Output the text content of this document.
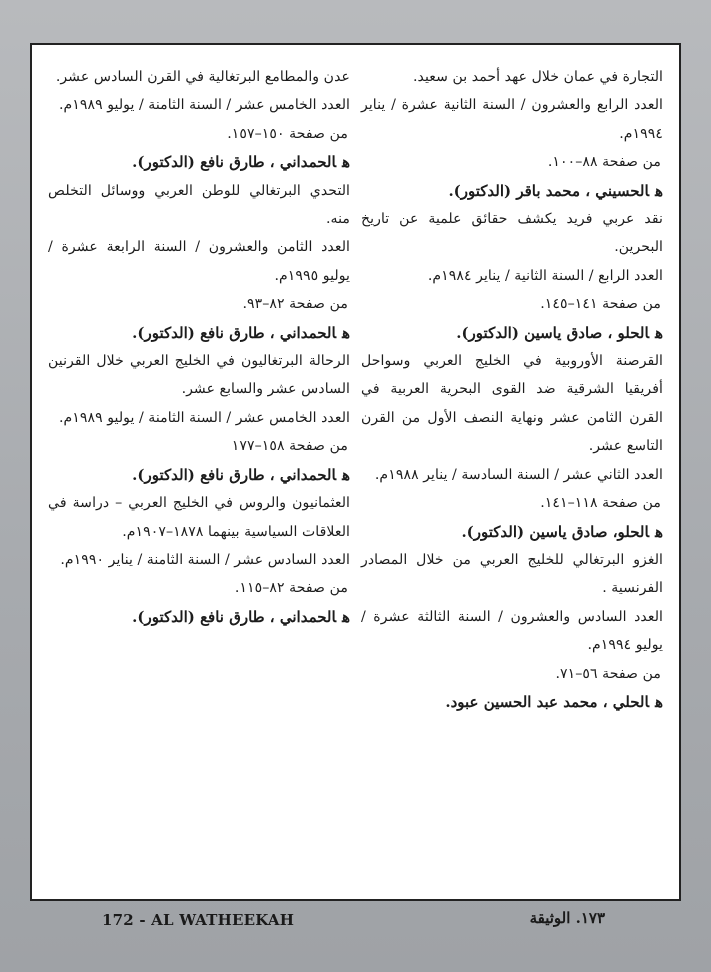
التجارة في عمان خلال عهد أحمد بن سعيد.

العدد الرابع والعشرون / السنة الثانية عشرة / يناير ١٩٩٤م.

من صفحة ٨٨–١٠٠.

هالحسيني ، محمد باقر (الدكتور).

نقد عربي فريد يكشف حقائق علمية عن تاريخ البحرين.

العدد الرابع / السنة الثانية / يناير ١٩٨٤م.

من صفحة ١٤١–١٤٥.

هالحلو ، صادق ياسين (الدكتور).

القرصنة الأوروبية في الخليج العربي وسواحل أفريقيا الشرقية ضد القوى البحرية العربية في القرن الثامن عشر ونهاية النصف الأول من القرن التاسع عشر.

العدد الثاني عشر / السنة السادسة / يناير ١٩٨٨م.

من صفحة ١١٨–١٤١.

هالحلو، صادق ياسين (الدكتور).

الغزو البرتغالي للخليج العربي من خلال المصادر الفرنسية .

العدد السادس والعشرون / السنة الثالثة عشرة / يوليو ١٩٩٤م.

من صفحة ٥٦–٧١.

هالحلي ، محمد عبد الحسين عبود.

عدن والمطامع البرتغالية في القرن السادس عشر.

العدد الخامس عشر / السنة الثامنة / يوليو ١٩٨٩م.

من صفحة ١٥٠–١٥٧.

هالحمداني ، طارق نافع (الدكتور).

التحدي البرتغالي للوطن العربي ووسائل التخلص منه.

العدد الثامن والعشرون / السنة الرابعة عشرة / يوليو ١٩٩٥م.

من صفحة ٨٢–٩٣.

هالحمداني ، طارق نافع (الدكتور).

الرحالة البرتغاليون في الخليج العربي خلال القرنين السادس عشر والسابع عشر.

العدد الخامس عشر / السنة الثامنة / يوليو ١٩٨٩م.

من صفحة ١٥٨–١٧٧

هالحمداني ، طارق نافع (الدكتور).

العثمانيون والروس في الخليج العربي – دراسة في العلاقات السياسية بينهما ١٨٧٨–١٩٠٧م.

العدد السادس عشر / السنة الثامنة / يناير ١٩٩٠م.

من صفحة ٨٢–١١٥.

هالحمداني ، طارق نافع (الدكتور).

172 - AL WATHEEKAH	١٧٣. الوثيقة
